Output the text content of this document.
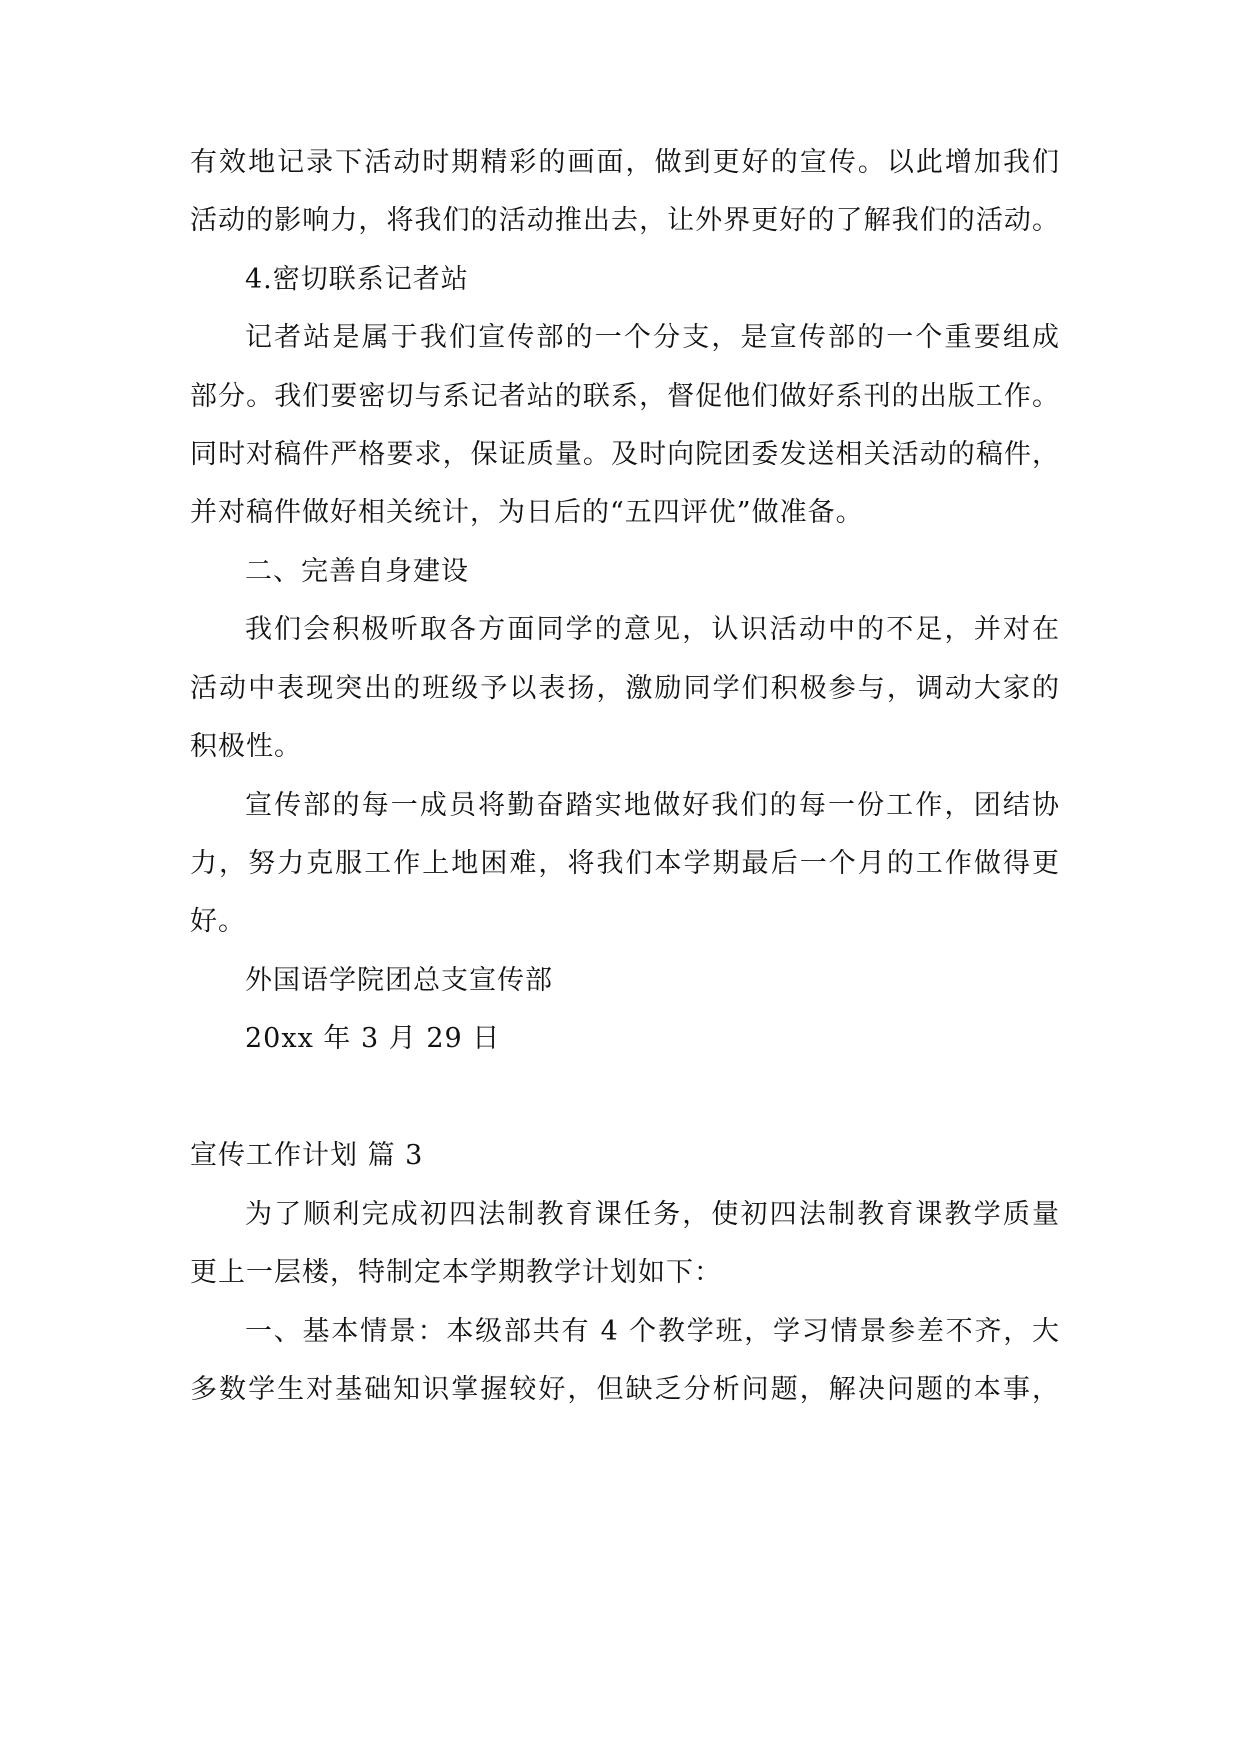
有效地记录下活动时期精彩的画面，做到更好的宣传。以此增加我们
活动的影响力，将我们的活动推出去，让外界更好的了解我们的活动。
4.密切联系记者站
记者站是属于我们宣传部的一个分支，是宣传部的一个重要组成
部分。我们要密切与系记者站的联系，督促他们做好系刊的出版工作。
同时对稿件严格要求，保证质量。及时向院团委发送相关活动的稿件，
并对稿件做好相关统计，为日后的“五四评优”做准备。
二、完善自身建设
我们会积极听取各方面同学的意见，认识活动中的不足，并对在
活动中表现突出的班级予以表扬，激励同学们积极参与，调动大家的
积极性。
宣传部的每一成员将勤奋踏实地做好我们的每一份工作，团结协
力，努力克服工作上地困难，将我们本学期最后一个月的工作做得更
好。
外国语学院团总支宣传部
20xx 年 3 月 29 日
宣传工作计划 篇 3
为了顺利完成初四法制教育课任务，使初四法制教育课教学质量
更上一层楼，特制定本学期教学计划如下：
一、基本情景：本级部共有 4 个教学班，学习情景参差不齐，大
多数学生对基础知识掌握较好，但缺乏分析问题，解决问题的本事，
